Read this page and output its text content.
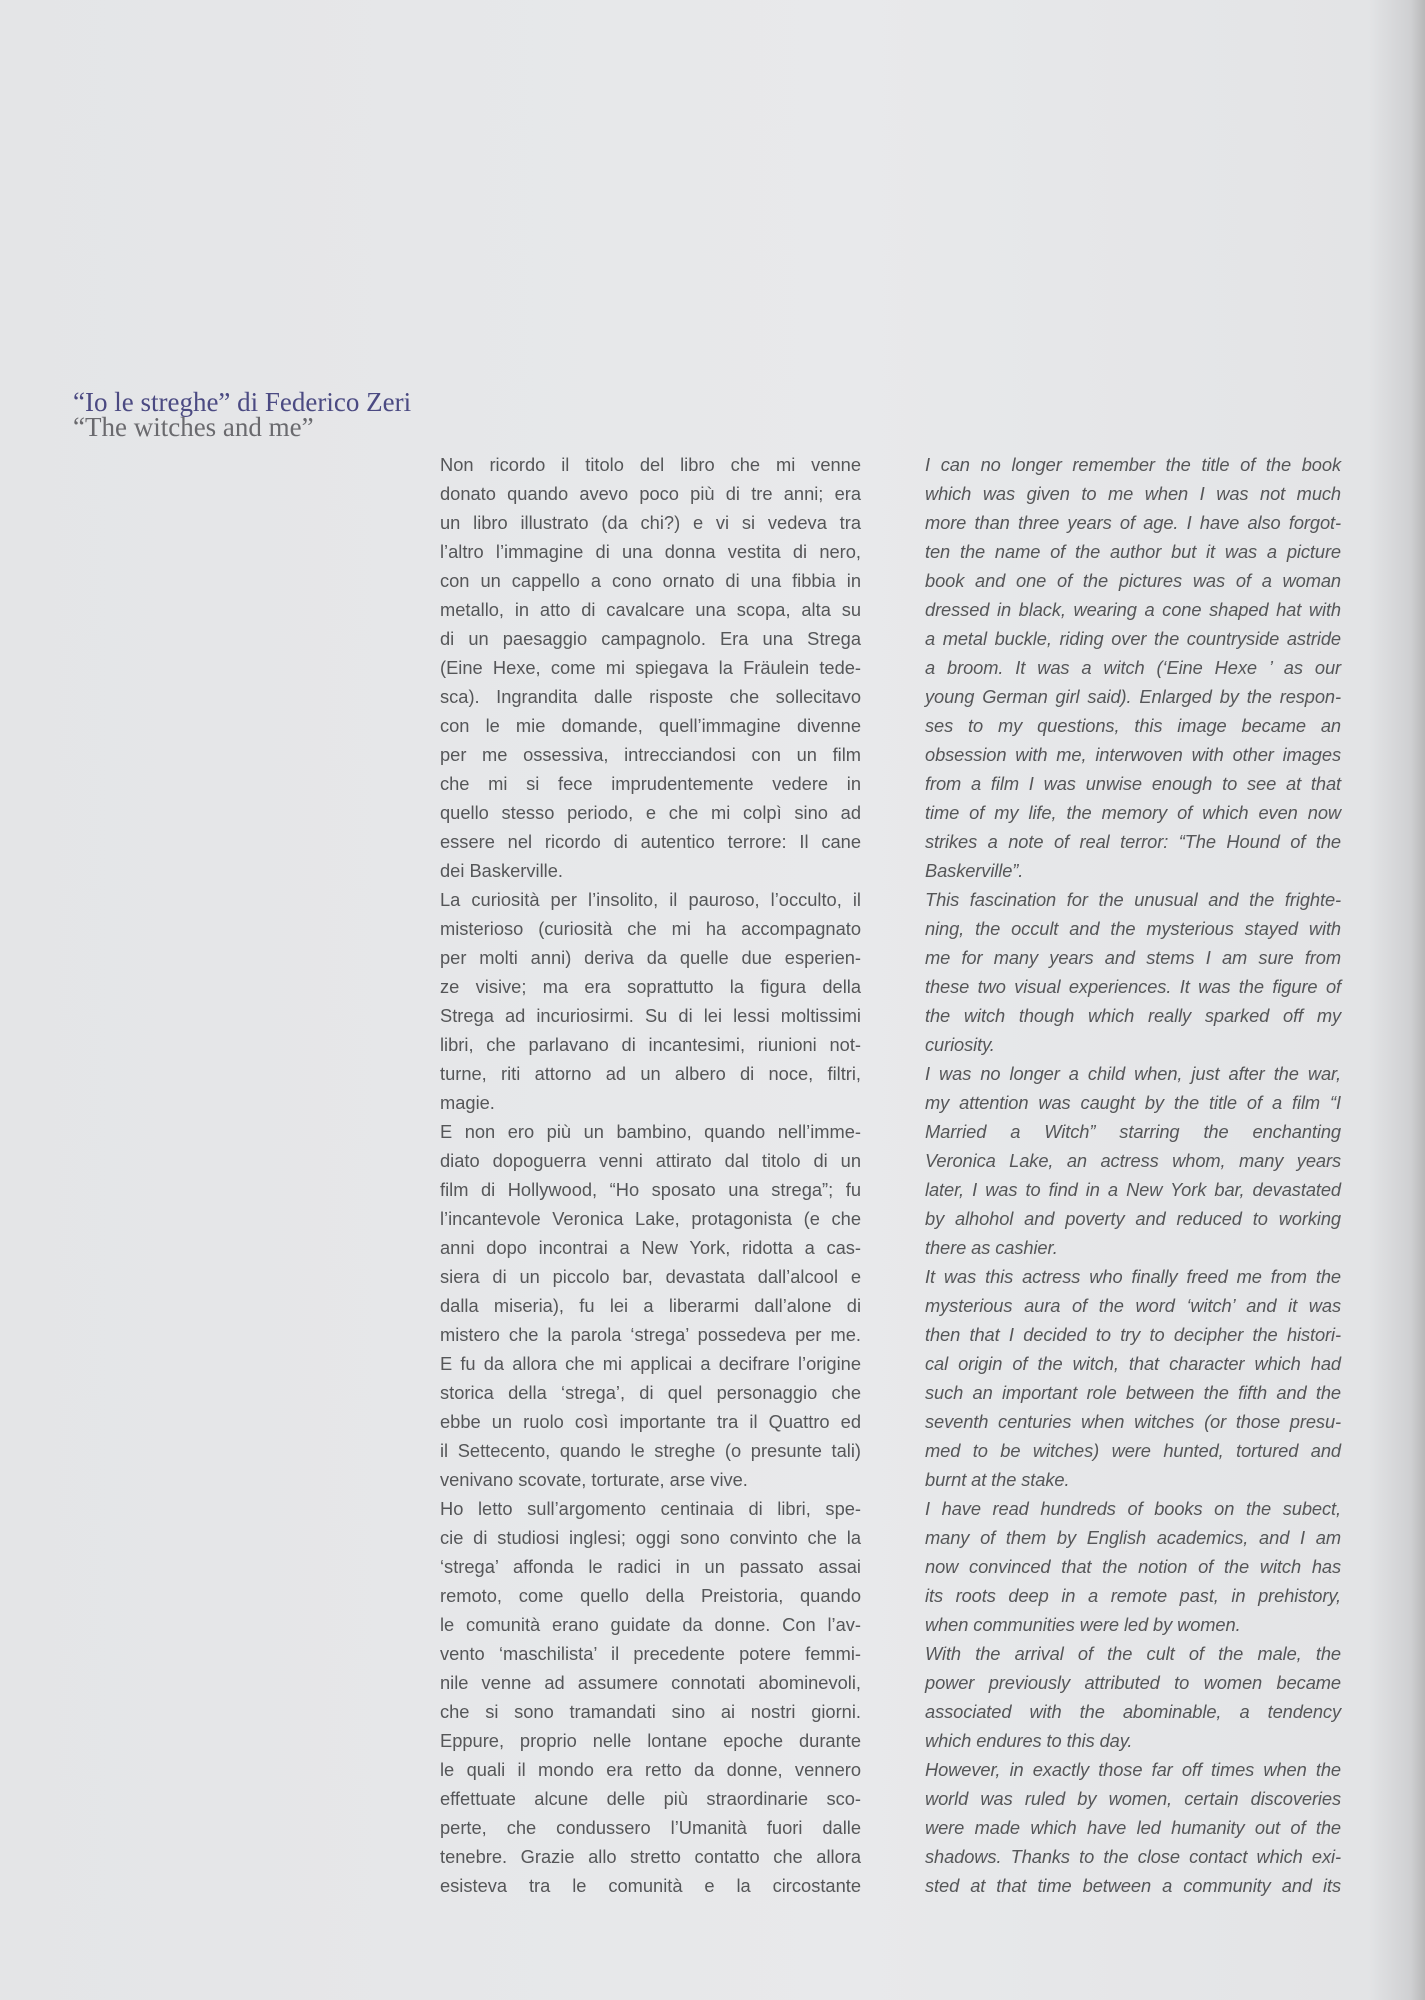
“Io le streghe” di Federico Zeri
“The witches and me”
Non ricordo il titolo del libro che mi venne
donato quando avevo poco più di tre anni; era
un libro illustrato (da chi?) e vi si vedeva tra
l’altro l’immagine di una donna vestita di nero,
con un cappello a cono ornato di una fibbia in
metallo, in atto di cavalcare una scopa, alta su
di un paesaggio campagnolo. Era una Strega
(Eine Hexe, come mi spiegava la Fräulein tede-
sca). Ingrandita dalle risposte che sollecitavo
con le mie domande, quell’immagine divenne
per me ossessiva, intrecciandosi con un film
che mi si fece imprudentemente vedere in
quello stesso periodo, e che mi colpì sino ad
essere nel ricordo di autentico terrore: Il cane
dei Baskerville.
La curiosità per l’insolito, il pauroso, l’occulto, il
misterioso (curiosità che mi ha accompagnato
per molti anni) deriva da quelle due esperien-
ze visive; ma era soprattutto la figura della
Strega ad incuriosirmi. Su di lei lessi moltissimi
libri, che parlavano di incantesimi, riunioni not-
turne, riti attorno ad un albero di noce, filtri,
magie.
E non ero più un bambino, quando nell’imme-
diato dopoguerra venni attirato dal titolo di un
film di Hollywood, “Ho sposato una strega”; fu
l’incantevole Veronica Lake, protagonista (e che
anni dopo incontrai a New York, ridotta a cas-
siera di un piccolo bar, devastata dall’alcool e
dalla miseria), fu lei a liberarmi dall’alone di
mistero che la parola ‘strega’ possedeva per me.
E fu da allora che mi applicai a decifrare l’origine
storica della ‘strega’, di quel personaggio che
ebbe un ruolo così importante tra il Quattro ed
il Settecento, quando le streghe (o presunte tali)
venivano scovate, torturate, arse vive.
Ho letto sull’argomento centinaia di libri, spe-
cie di studiosi inglesi; oggi sono convinto che la
‘strega’ affonda le radici in un passato assai
remoto, come quello della Preistoria, quando
le comunità erano guidate da donne. Con l’av-
vento ‘maschilista’ il precedente potere femmi-
nile venne ad assumere connotati abominevoli,
che si sono tramandati sino ai nostri giorni.
Eppure, proprio nelle lontane epoche durante
le quali il mondo era retto da donne, vennero
effettuate alcune delle più straordinarie sco-
perte, che condussero l’Umanità fuori dalle
tenebre. Grazie allo stretto contatto che allora
esisteva tra le comunità e la circostante
I can no longer remember the title of the book
which was given to me when I was not much
more than three years of age. I have also forgot-
ten the name of the author but it was a picture
book and one of the pictures was of a woman
dressed in black, wearing a cone shaped hat with
a metal buckle, riding over the countryside astride
a broom. It was a witch (‘Eine Hexe ’ as our
young German girl said). Enlarged by the respon-
ses to my questions, this image became an
obsession with me, interwoven with other images
from a film I was unwise enough to see at that
time of my life, the memory of which even now
strikes a note of real terror: “The Hound of the
Baskerville”.
This fascination for the unusual and the frighte-
ning, the occult and the mysterious stayed with
me for many years and stems I am sure from
these two visual experiences. It was the figure of
the witch though which really sparked off my
curiosity.
I was no longer a child when, just after the war,
my attention was caught by the title of a film “I
Married a Witch” starring the enchanting
Veronica Lake, an actress whom, many years
later, I was to find in a New York bar, devastated
by alhohol and poverty and reduced to working
there as cashier.
It was this actress who finally freed me from the
mysterious aura of the word ‘witch’ and it was
then that I decided to try to decipher the histori-
cal origin of the witch, that character which had
such an important role between the fifth and the
seventh centuries when witches (or those presu-
med to be witches) were hunted, tortured and
burnt at the stake.
I have read hundreds of books on the subect,
many of them by English academics, and I am
now convinced that the notion of the witch has
its roots deep in a remote past, in prehistory,
when communities were led by women.
With the arrival of the cult of the male, the
power previously attributed to women became
associated with the abominable, a tendency
which endures to this day.
However, in exactly those far off times when the
world was ruled by women, certain discoveries
were made which have led humanity out of the
shadows. Thanks to the close contact which exi-
sted at that time between a community and its
